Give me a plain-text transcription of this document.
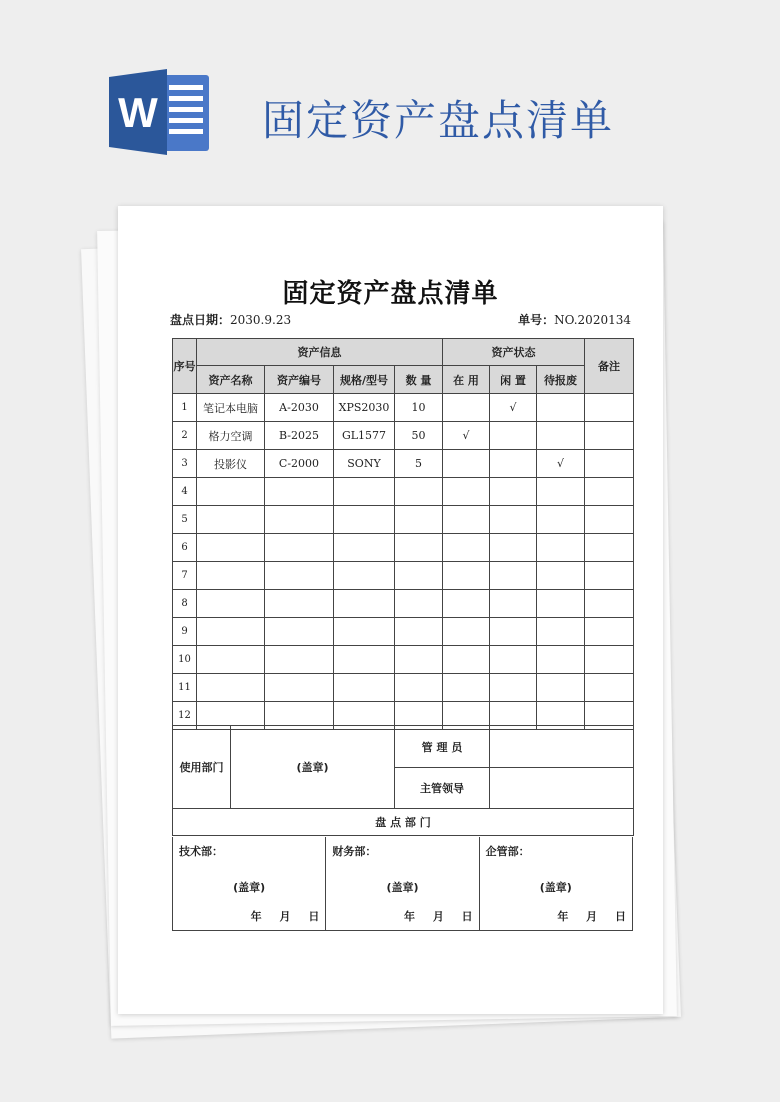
W 固定资产盘点清单
固定资产盘点清单
盘点日期：2030.9.23	单号：NO.2020134
序号	资产信息				资产状态			备注
	资产名称	资产编号	规格/型号	数 量	在 用	闲 置	待报废	
1	笔记本电脑	A-2030	XPS2030	10		√		
2	格力空调	B-2025	GL1577	50	√			
3	投影仪	C-2000	SONY	5			√	
4								
5								
6								
7								
8								
9								
10								
11								
12								
使用部门	(盖章)	管 理 员	
		主管领导	
盘 点 部 门			
技术部：
(盖章)
年 月 日
财务部：
(盖章)
年 月 日
企管部：
(盖章)
年 月 日
